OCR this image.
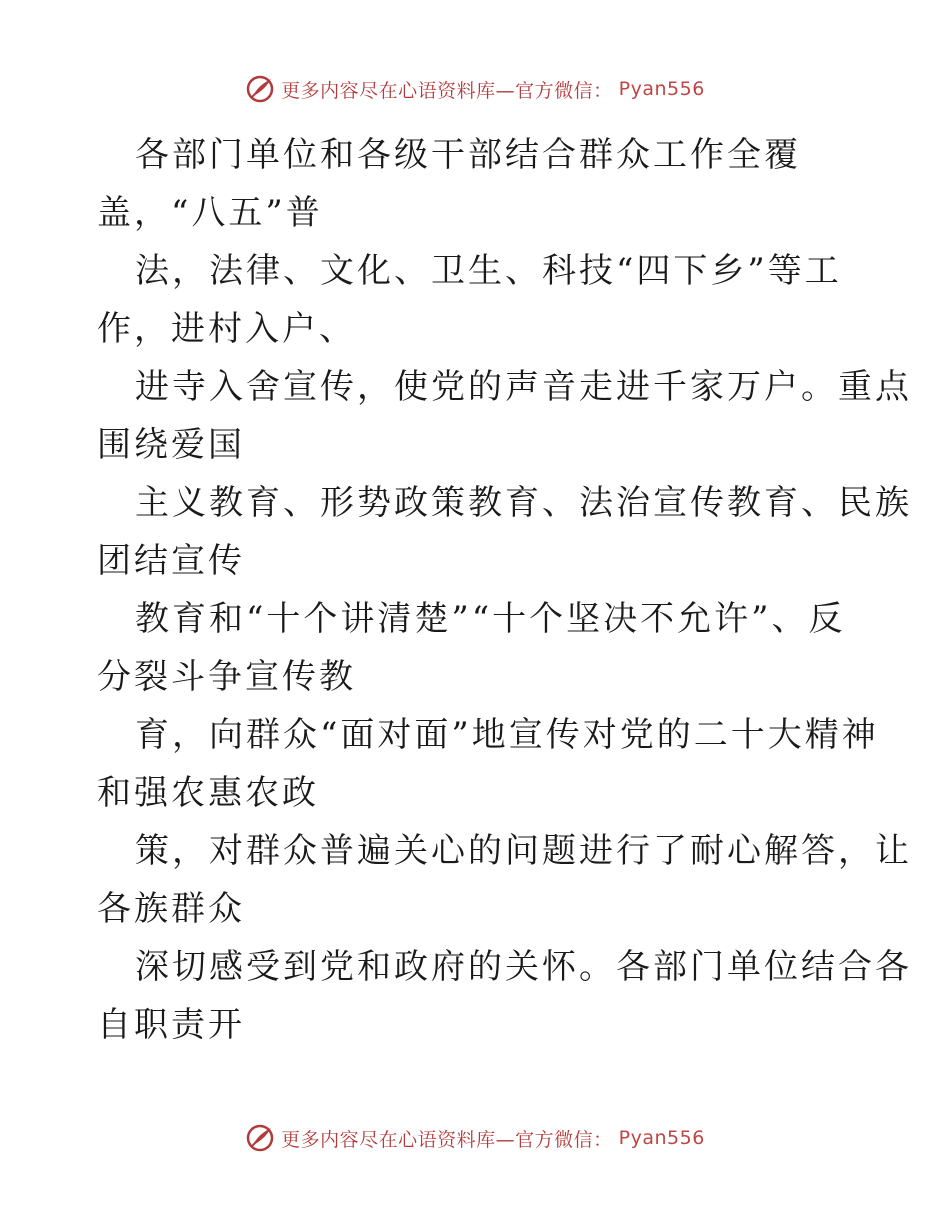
更多内容尽在心语资料库—官方微信： Pyan556
各部门单位和各级干部结合群众工作全覆
盖，“八五”普
法，法律、文化、卫生、科技“四下乡”等工
作，进村入户、
进寺入舍宣传，使党的声音走进千家万户。重点
围绕爱国
主义教育、形势政策教育、法治宣传教育、民族
团结宣传
教育和“十个讲清楚”“十个坚决不允许”、反
分裂斗争宣传教
育，向群众“面对面”地宣传对党的二十大精神
和强农惠农政
策，对群众普遍关心的问题进行了耐心解答，让
各族群众
深切感受到党和政府的关怀。各部门单位结合各
自职责开
更多内容尽在心语资料库—官方微信： Pyan556
